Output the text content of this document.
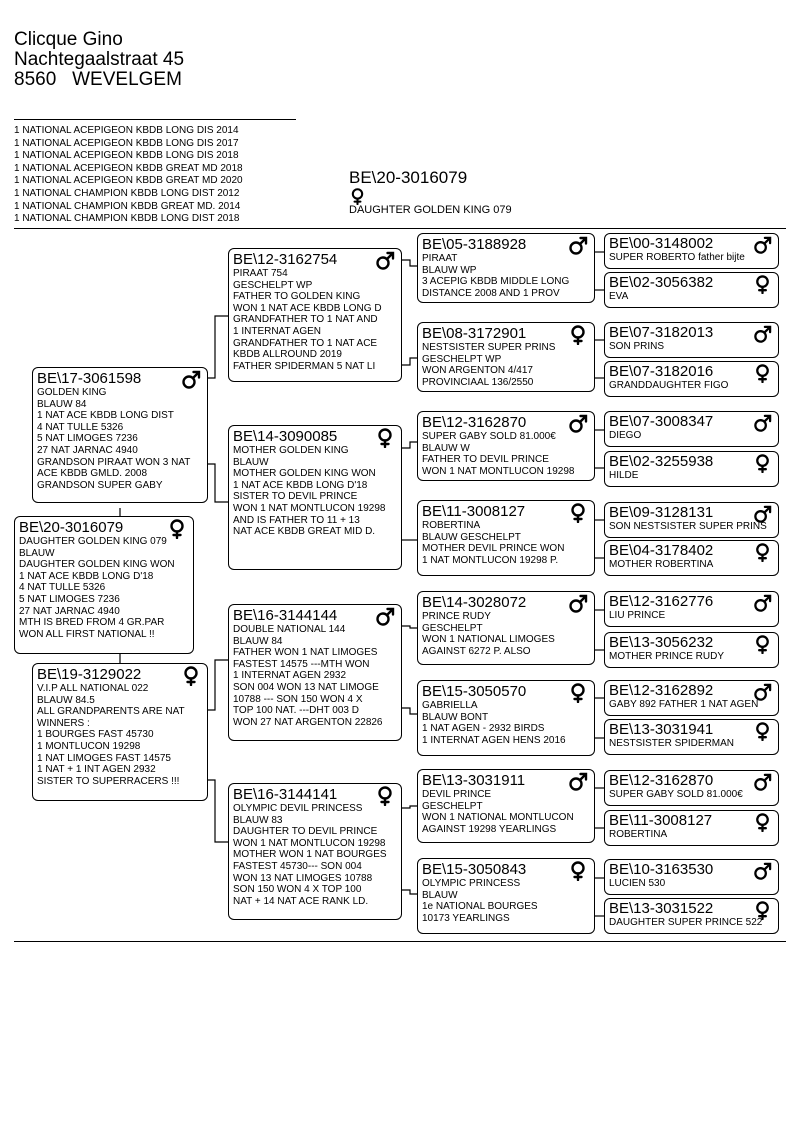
Clicque Gino
Nachtegaalstraat 45
8560 WEVELGEM
1 NATIONAL ACEPIGEON KBDB LONG DIS 2014
1 NATIONAL ACEPIGEON KBDB LONG DIS 2017
1 NATIONAL ACEPIGEON KBDB LONG DIS 2018
1 NATIONAL ACEPIGEON KBDB GREAT MD 2018
1 NATIONAL ACEPIGEON KBDB GREAT MD 2020
1 NATIONAL CHAMPION KBDB LONG DIST 2012
1 NATIONAL CHAMPION KBDB GREAT MD. 2014
1 NATIONAL CHAMPION KBDB LONG DIST 2018
BE\20-3016079
DAUGHTER GOLDEN KING 079
BE\20-3016079
DAUGHTER GOLDEN KING 079
BLAUW
DAUGHTER GOLDEN KING WON
1 NAT ACE KBDB LONG D'18
4 NAT TULLE 5326
5 NAT LIMOGES 7236
27 NAT JARNAC 4940
MTH IS BRED FROM 4 GR.PAR
WON ALL FIRST NATIONAL !!
BE\17-3061598
GOLDEN KING
BLAUW 84
1 NAT ACE KBDB LONG DIST
4 NAT TULLE 5326
5 NAT LIMOGES 7236
27 NAT JARNAC 4940
GRANDSON PIRAAT WON 3 NAT
ACE KBDB GMLD. 2008
GRANDSON SUPER GABY
BE\19-3129022
V.I.P ALL NATIONAL 022
BLAUW 84.5
ALL GRANDPARENTS ARE NAT
WINNERS :
1 BOURGES FAST 45730
1 MONTLUCON 19298
1 NAT LIMOGES FAST 14575
1 NAT + 1 INT AGEN 2932
SISTER TO SUPERRACERS !!!
BE\12-3162754
PIRAAT 754
GESCHELPT WP
FATHER TO GOLDEN KING
WON 1 NAT ACE KBDB LONG D
GRANDFATHER TO 1 NAT AND
1 INTERNAT AGEN
GRANDFATHER TO 1 NAT ACE
KBDB ALLROUND 2019
FATHER SPIDERMAN 5 NAT LI
BE\14-3090085
MOTHER GOLDEN KING
BLAUW
MOTHER GOLDEN KING WON
1 NAT ACE KBDB LONG D'18
SISTER TO DEVIL PRINCE
WON 1 NAT MONTLUCON 19298
AND IS FATHER TO 11 + 13
NAT ACE KBDB GREAT MID D.
BE\16-3144144
DOUBLE NATIONAL 144
BLAUW 84
FATHER WON 1 NAT LIMOGES
FASTEST 14575 ---MTH WON
1 INTERNAT AGEN 2932
SON 004 WON 13 NAT LIMOGE
10788 --- SON 150 WON 4 X
TOP 100 NAT. ---DHT 003 D
WON 27 NAT ARGENTON 22826
BE\16-3144141
OLYMPIC DEVIL PRINCESS
BLAUW 83
DAUGHTER TO DEVIL PRINCE
WON 1 NAT MONTLUCON 19298
MOTHER WON 1 NAT BOURGES
FASTEST 45730--- SON 004
WON 13 NAT LIMOGES 10788
SON 150 WON 4 X TOP 100
NAT + 14 NAT ACE RANK LD.
BE\05-3188928
PIRAAT
BLAUW WP
3 ACEPIG KBDB MIDDLE LONG
DISTANCE 2008 AND 1 PROV
BE\08-3172901
NESTSISTER SUPER PRINS
GESCHELPT WP
WON ARGENTON 4/417
PROVINCIAAL 136/2550
BE\12-3162870
SUPER GABY SOLD 81.000€
BLAUW W
FATHER TO DEVIL PRINCE
WON 1 NAT MONTLUCON 19298
BE\11-3008127
ROBERTINA
BLAUW GESCHELPT
MOTHER DEVIL PRINCE WON
1 NAT MONTLUCON 19298 P.
BE\14-3028072
PRINCE RUDY
GESCHELPT
WON 1 NATIONAL LIMOGES
AGAINST 6272 P. ALSO
BE\15-3050570
GABRIELLA
BLAUW BONT
1 NAT AGEN - 2932 BIRDS
1 INTERNAT AGEN HENS 2016
BE\13-3031911
DEVIL PRINCE
GESCHELPT
WON 1 NATIONAL MONTLUCON
AGAINST 19298 YEARLINGS
BE\15-3050843
OLYMPIC PRINCESS
BLAUW
1e NATIONAL BOURGES
10173 YEARLINGS
BE\00-3148002
SUPER ROBERTO father bijte
BE\02-3056382
EVA
BE\07-3182013
SON PRINS
BE\07-3182016
GRANDDAUGHTER FIGO
BE\07-3008347
DIEGO
BE\02-3255938
HILDE
BE\09-3128131
SON NESTSISTER SUPER PRINS
BE\04-3178402
MOTHER ROBERTINA
BE\12-3162776
LIU PRINCE
BE\13-3056232
MOTHER PRINCE RUDY
BE\12-3162892
GABY 892 FATHER 1 NAT AGEN
BE\13-3031941
NESTSISTER SPIDERMAN
BE\12-3162870
SUPER GABY SOLD 81.000€
BE\11-3008127
ROBERTINA
BE\10-3163530
LUCIEN 530
BE\13-3031522
DAUGHTER SUPER PRINCE 522
